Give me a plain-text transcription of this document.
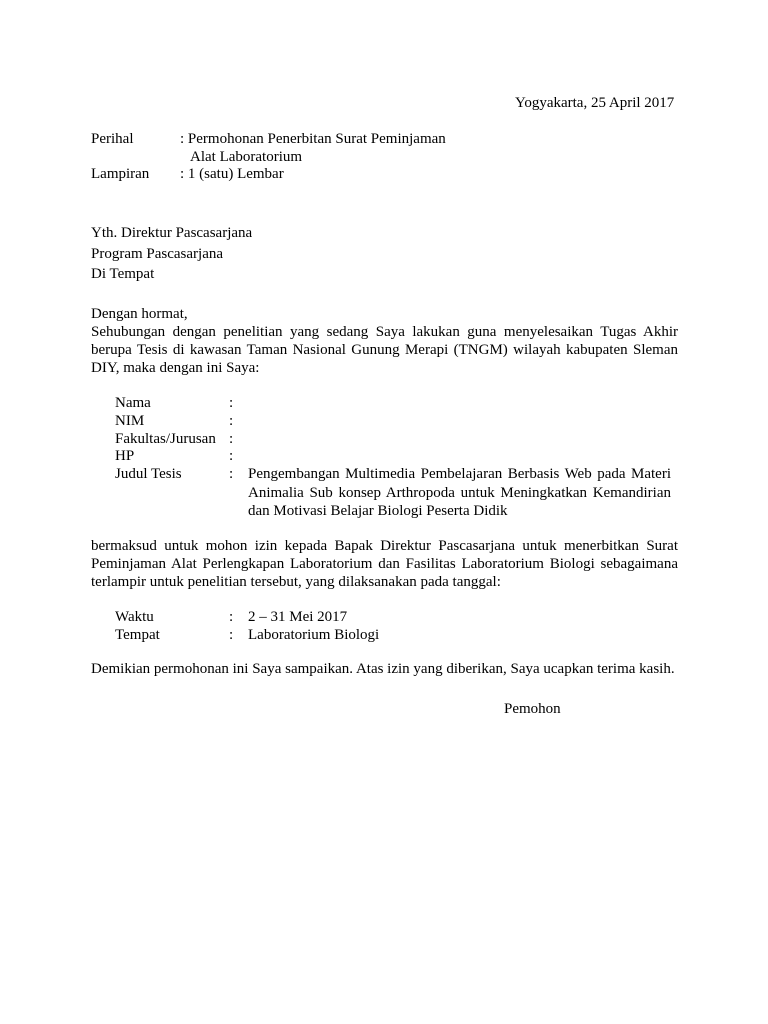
Yogyakarta, 25 April 2017
Perihal	: Permohonan Penerbitan Surat Peminjaman
Alat Laboratorium
Lampiran : 1 (satu) Lembar
Yth. Direktur Pascasarjana
Program Pascasarjana
Di Tempat
Dengan hormat,
Sehubungan dengan penelitian yang sedang Saya lakukan guna menyelesaikan Tugas Akhir
berupa Tesis di kawasan Taman Nasional Gunung Merapi (TNGM) wilayah kabupaten Sleman
DIY, maka dengan ini Saya:
Nama	:
NIM	:
Fakultas/Jurusan :
HP	:
Judul Tesis	: Pengembangan Multimedia Pembelajaran Berbasis Web pada Materi
Animalia Sub konsep Arthropoda untuk Meningkatkan Kemandirian
dan Motivasi Belajar Biologi Peserta Didik
bermaksud untuk mohon izin kepada Bapak Direktur Pascasarjana untuk menerbitkan Surat
Peminjaman Alat Perlengkapan Laboratorium dan Fasilitas Laboratorium Biologi sebagaimana
terlampir untuk penelitian tersebut, yang dilaksanakan pada tanggal:
Waktu	: 2 – 31 Mei 2017
Tempat	: Laboratorium Biologi
Demikian permohonan ini Saya sampaikan. Atas izin yang diberikan, Saya ucapkan terima kasih.
Pemohon
